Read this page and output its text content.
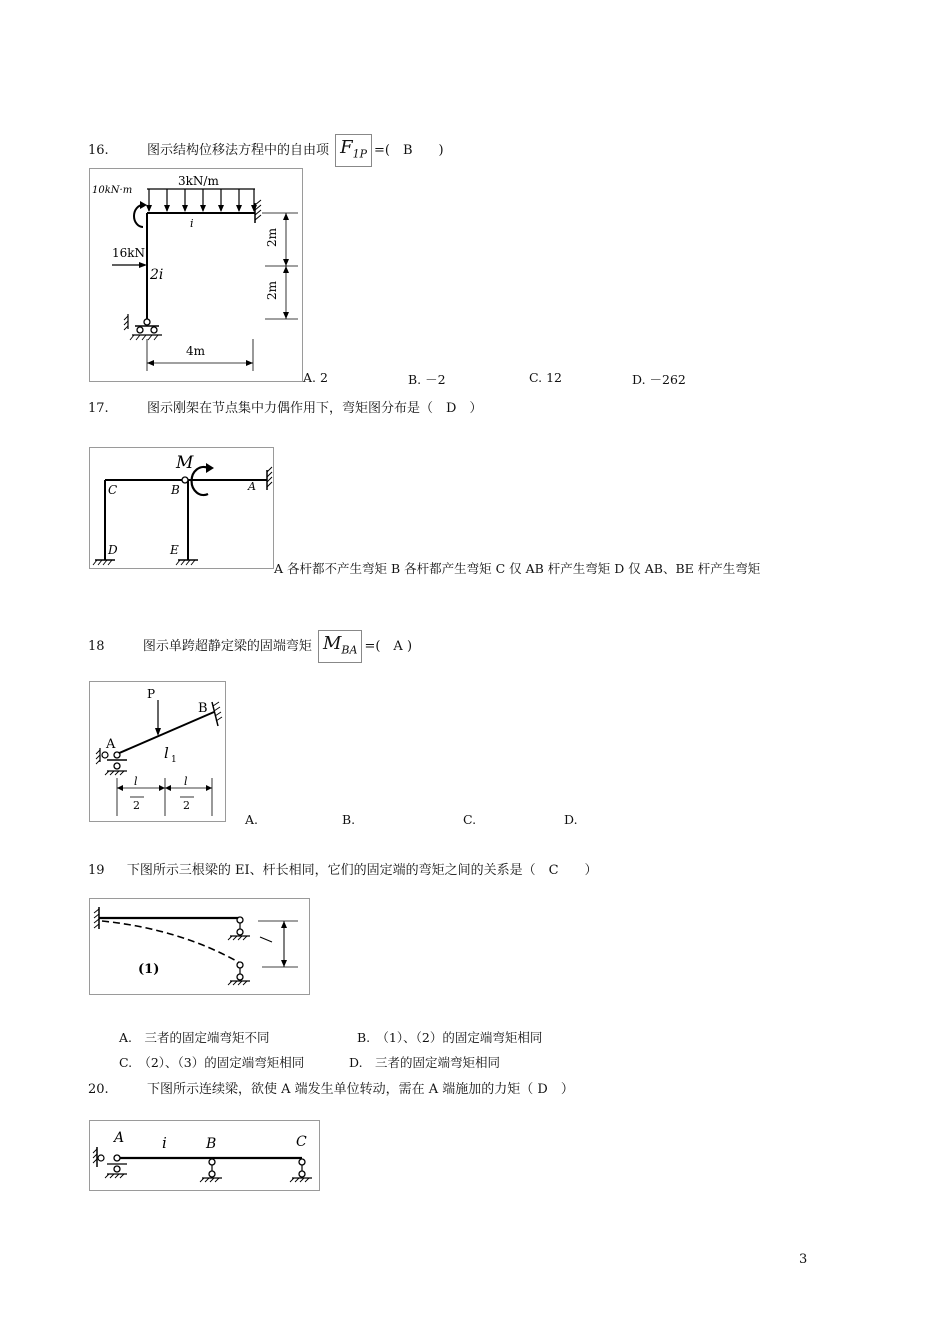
16.	图示结构位移法方程中的自由项 $F_{1P}$ =(　B　　)
3kN/m
10kN·m
i
16kN
2i
2m
2m
4m
A. 2	B. －2	C. 12	D. －262
17.	图示刚架在节点集中力偶作用下，弯矩图分布是（　D　）
M
A
B
C
D	E
A 各杆都不产生弯矩 B 各杆都产生弯矩 C 仅 AB 杆产生弯矩 D 仅 AB、BE 杆产生弯矩
18	图示单跨超静定梁的固端弯矩 $M_{BA}$ =(　A )
P
B
A	l 1
l
2
l
2
A.	B.	C.	D.
19 下图所示三根梁的 EI、杆长相同，它们的固定端的弯矩之间的关系是（　C　　）
(1)
A.　三者的固定端弯矩不同	B.　（1）、（2）的固定端弯矩相同
C.　（2）、（3）的固定端弯矩相同	D.　三者的固定端弯矩相同
20.	下图所示连续梁，欲使 A 端发生单位转动，需在 A 端施加的力矩（ D　）
A	i	B	C
3
